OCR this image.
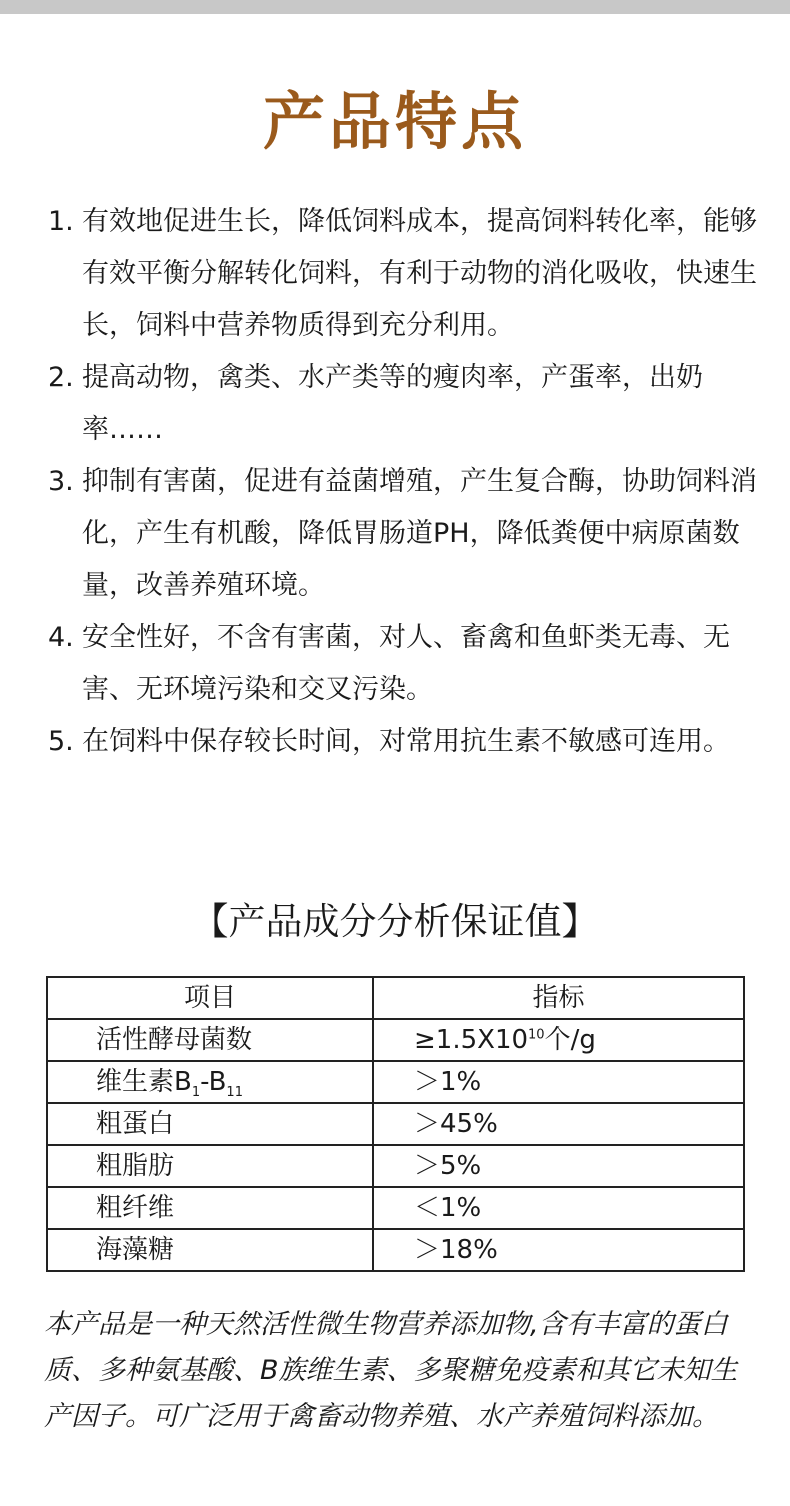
产品特点
1. 有效地促进生长，降低饲料成本，提高饲料转化率，能够有效平衡分解转化饲料，有利于动物的消化吸收，快速生长，饲料中营养物质得到充分利用。
2. 提高动物，禽类、水产类等的瘦肉率，产蛋率，出奶率……
3. 抑制有害菌，促进有益菌增殖，产生复合酶，协助饲料消化，产生有机酸，降低胃肠道PH，降低粪便中病原菌数量，改善养殖环境。
4. 安全性好，不含有害菌，对人、畜禽和鱼虾类无毒、无害、无环境污染和交叉污染。
5. 在饲料中保存较长时间，对常用抗生素不敏感可连用。
【产品成分分析保证值】
项目	指标
活性酵母菌数	$\ge 1.5X10^{10}$个/g
维生素$B_1-B_{11}$	＞1%
粗蛋白	＞45%
粗脂肪	＞5%
粗纤维	＜1%
海藻糖	＞18%
本产品是一种天然活性微生物营养添加物,含有丰富的蛋白质、多种氨基酸、B族维生素、多聚糖免疫素和其它未知生产因子。可广泛用于禽畜动物养殖、水产养殖饲料添加。
